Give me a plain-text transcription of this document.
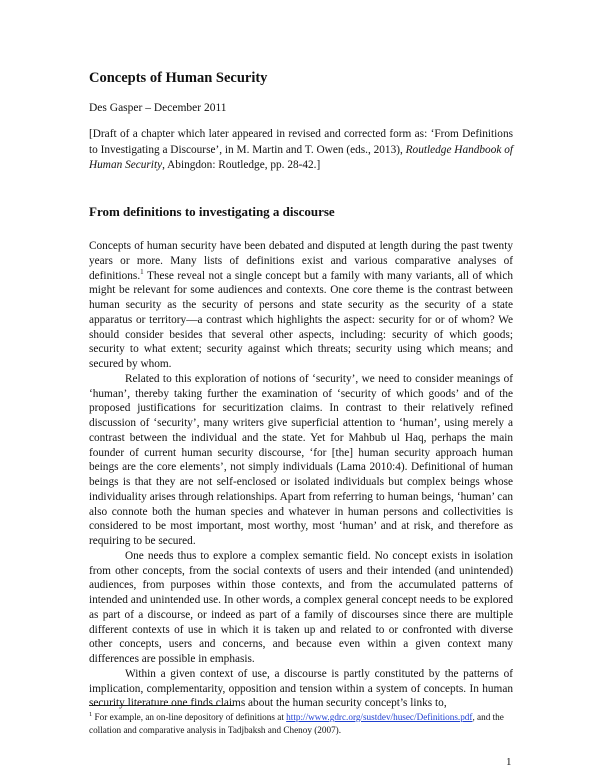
Concepts of Human Security
Des Gasper – December 2011
[Draft of a chapter which later appeared in revised and corrected form as: ‘From Definitions to Investigating a Discourse’, in M. Martin and T. Owen (eds., 2013), Routledge Handbook of Human Security, Abingdon: Routledge, pp. 28-42.]
From definitions to investigating a discourse

Concepts of human security have been debated and disputed at length during the past twenty years or more. Many lists of definitions exist and various comparative analyses of definitions.$^1$ These reveal not a single concept but a family with many variants, all of which might be relevant for some audiences and contexts. One core theme is the contrast between human security as the security of persons and state security as the security of a state apparatus or territory—a contrast which highlights the aspect: security for or of whom? We should consider besides that several other aspects, including: security of which goods; security to what extent; security against which threats; security using which means; and secured by whom.

Related to this exploration of notions of ‘security’, we need to consider meanings of ‘human’, thereby taking further the examination of ‘security of which goods’ and of the proposed justifications for securitization claims. In contrast to their relatively refined discussion of ‘security’, many writers give superficial attention to ‘human’, using merely a contrast between the individual and the state. Yet for Mahbub ul Haq, perhaps the main founder of current human security discourse, ‘for [the] human security approach human beings are the core elements’, not simply individuals (Lama 2010:4). Definitional of human beings is that they are not self-enclosed or isolated individuals but complex beings whose individuality arises through relationships. Apart from referring to human beings, ‘human’ can also connote both the human species and whatever in human persons and collectivities is considered to be most important, most worthy, most ‘human’ and at risk, and therefore as requiring to be secured.

One needs thus to explore a complex semantic field. No concept exists in isolation from other concepts, from the social contexts of users and their intended (and unintended) audiences, from purposes within those contexts, and from the accumulated patterns of intended and unintended use. In other words, a complex general concept needs to be explored as part of a discourse, or indeed as part of a family of discourses since there are multiple different contexts of use in which it is taken up and related to or confronted with diverse other concepts, users and concerns, and because even within a given context many differences are possible in emphasis.

Within a given context of use, a discourse is partly constituted by the patterns of implication, complementarity, opposition and tension within a system of concepts. In human security literature one finds claims about the human security concept’s links to,

$^1$ For example, an on-line depository of definitions at http://www.gdrc.org/sustdev/husec/Definitions.pdf, and the collation and comparative analysis in Tadjbaksh and Chenoy (2007).
1
